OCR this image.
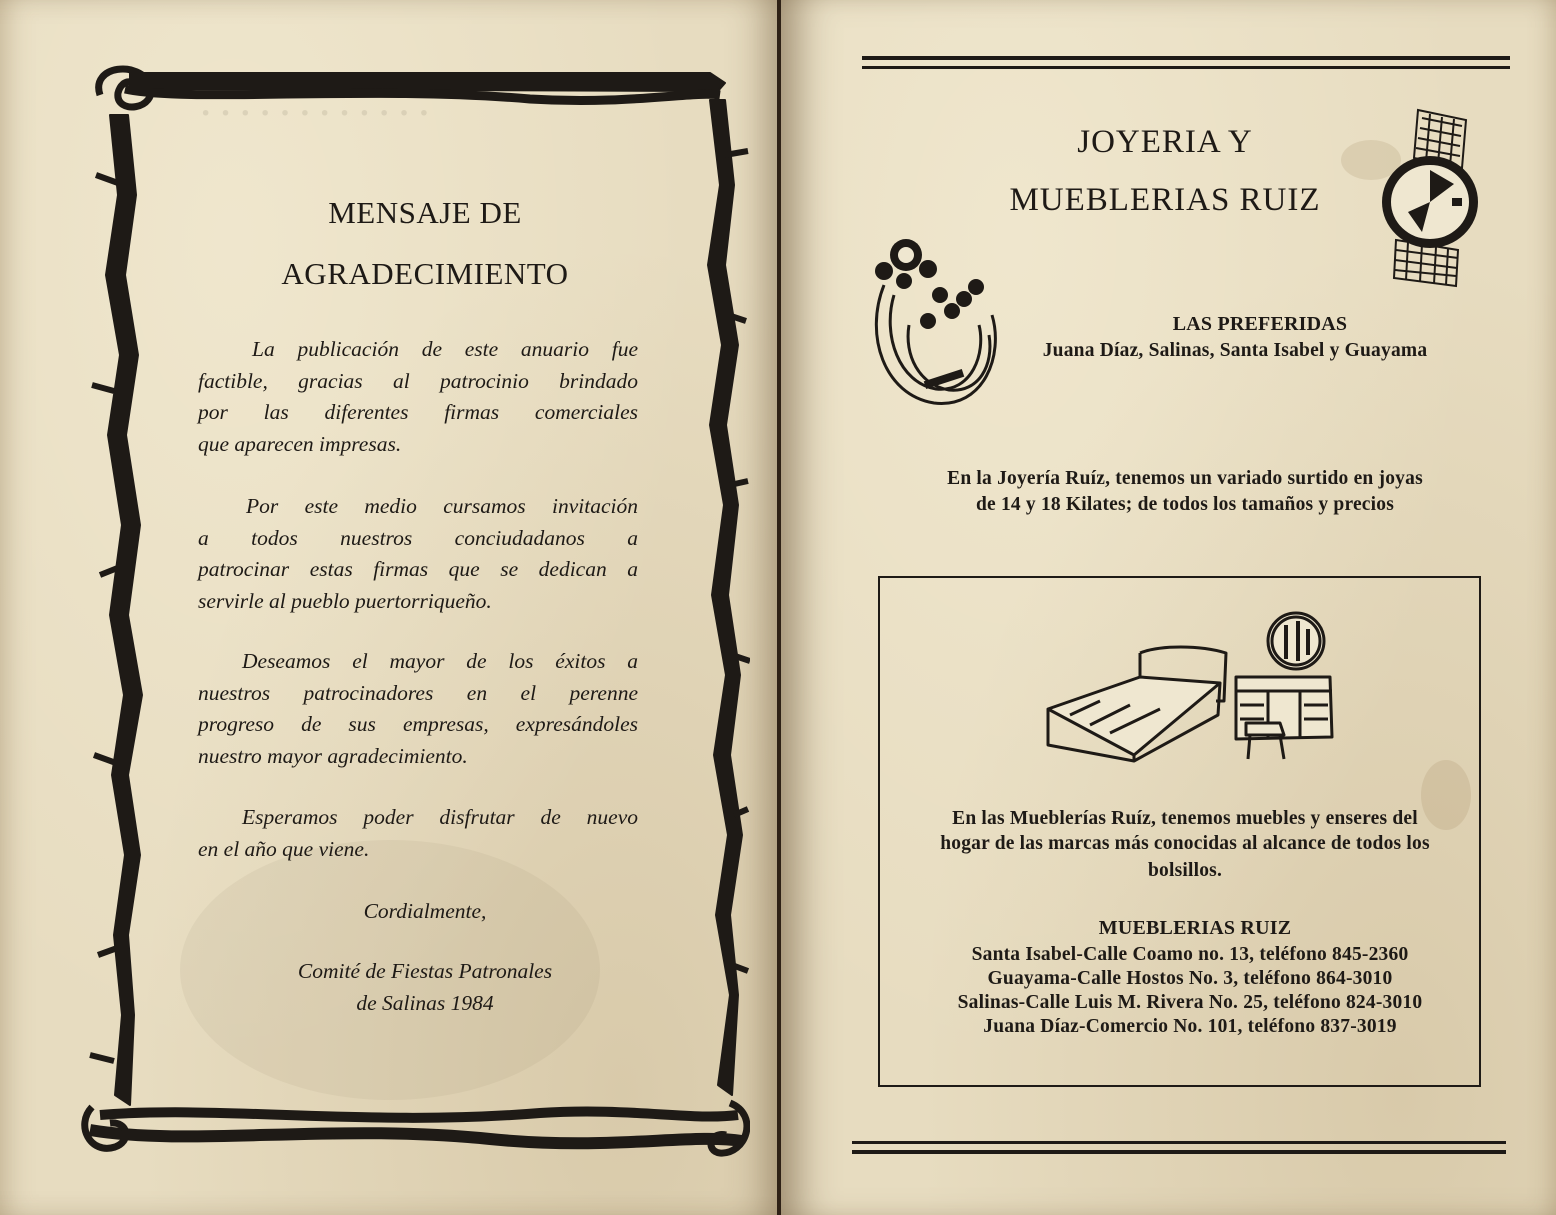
· · · · · · · · · · · ·
MENSAJE DE
AGRADECIMIENTO
La publicación de este anuario fue
factible, gracias al patrocinio brindado
por las diferentes firmas comerciales
que aparecen impresas.
Por este medio cursamos invitación
a todos nuestros conciudadanos a
patrocinar estas firmas que se dedican a
servirle al pueblo puertorriqueño.
Deseamos el mayor de los éxitos a
nuestros patrocinadores en el perenne
progreso de sus empresas, expresándoles
nuestro mayor agradecimiento.
Esperamos poder disfrutar de nuevo
en el año que viene.
Cordialmente,
Comité de Fiestas Patronales
de Salinas 1984
JOYERIA Y
MUEBLERIAS RUIZ
LAS PREFERIDAS
Juana Díaz, Salinas, Santa Isabel y Guayama
En la Joyería Ruíz, tenemos un variado surtido en joyas
de 14 y 18 Kilates; de todos los tamaños y precios
En las Mueblerías Ruíz, tenemos muebles y enseres del
hogar de las marcas más conocidas al alcance de todos los
bolsillos.
MUEBLERIAS RUIZ
Santa Isabel-Calle Coamo no. 13, teléfono 845-2360
Guayama-Calle Hostos No. 3, teléfono 864-3010
Salinas-Calle Luis M. Rivera No. 25, teléfono 824-3010
Juana Díaz-Comercio No. 101, teléfono 837-3019
